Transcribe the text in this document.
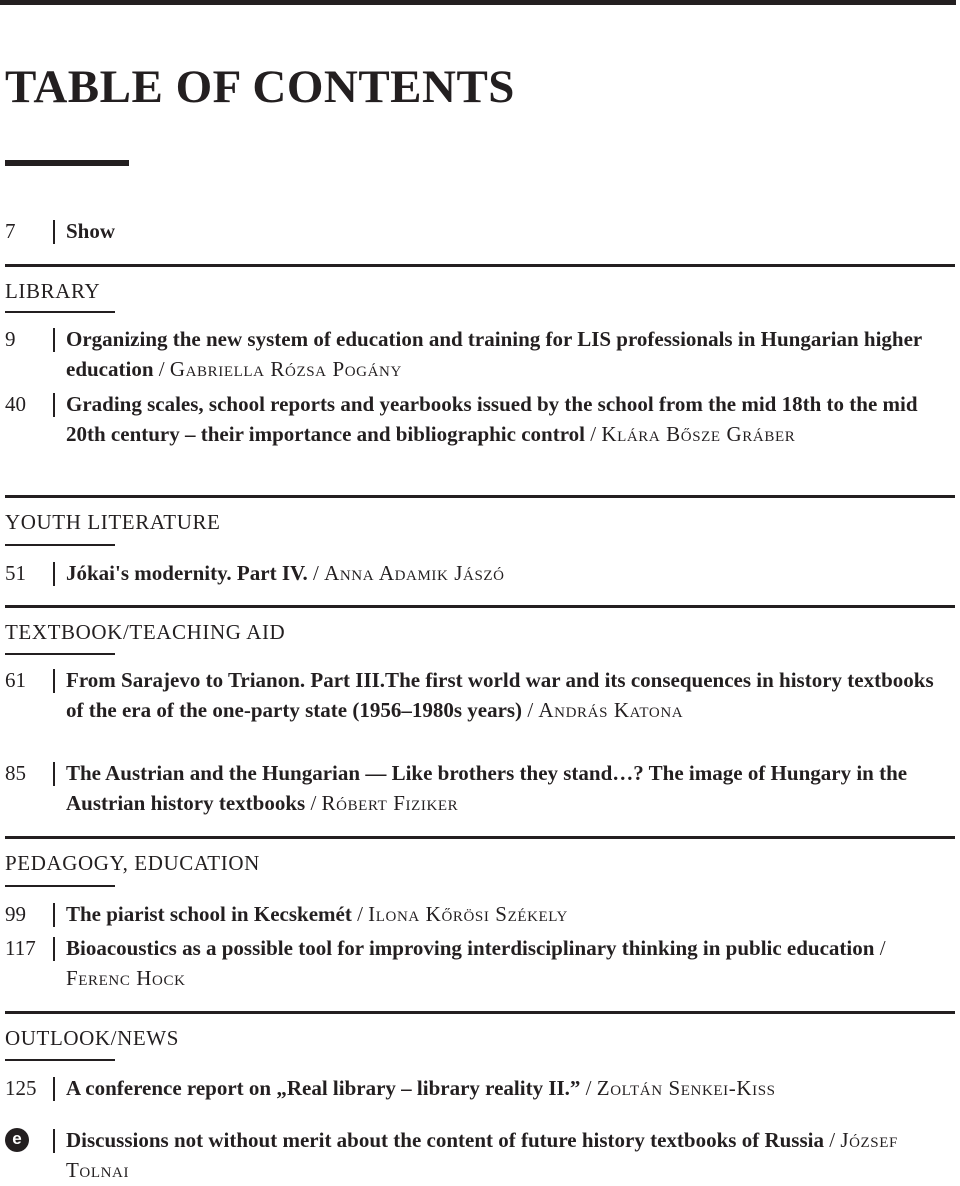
TABLE OF CONTENTS
7 Show
LIBRARY
9 Organizing the new system of education and training for LIS professionals in Hungarian higher education / Gabriella Rózsa Pogány
40 Grading scales, school reports and yearbooks issued by the school from the mid 18th to the mid 20th century – their importance and bibliographic control / Klára Bősze Gráber
YOUTH LITERATURE
51 Jókai's modernity. Part IV. / Anna Adamik Jászó
TEXTBOOK/TEACHING AID
61 From Sarajevo to Trianon. Part III.The first world war and its consequences in history textbooks of the era of the one-party state (1956–1980s years) / András Katona
85 The Austrian and the Hungarian — Like brothers they stand…? The image of Hungary in the Austrian history textbooks / Róbert Fiziker
PEDAGOGY, EDUCATION
99 The piarist school in Kecskemét / Ilona Kőrösi Székely
117 Bioacoustics as a possible tool for improving interdisciplinary thinking in public education / Ferenc Hock
OUTLOOK/NEWS
125 A conference report on „Real library – library reality II.” / Zoltán Senkei-Kiss
e	Discussions not without merit about the content of future history textbooks of Russia / József Tolnai
